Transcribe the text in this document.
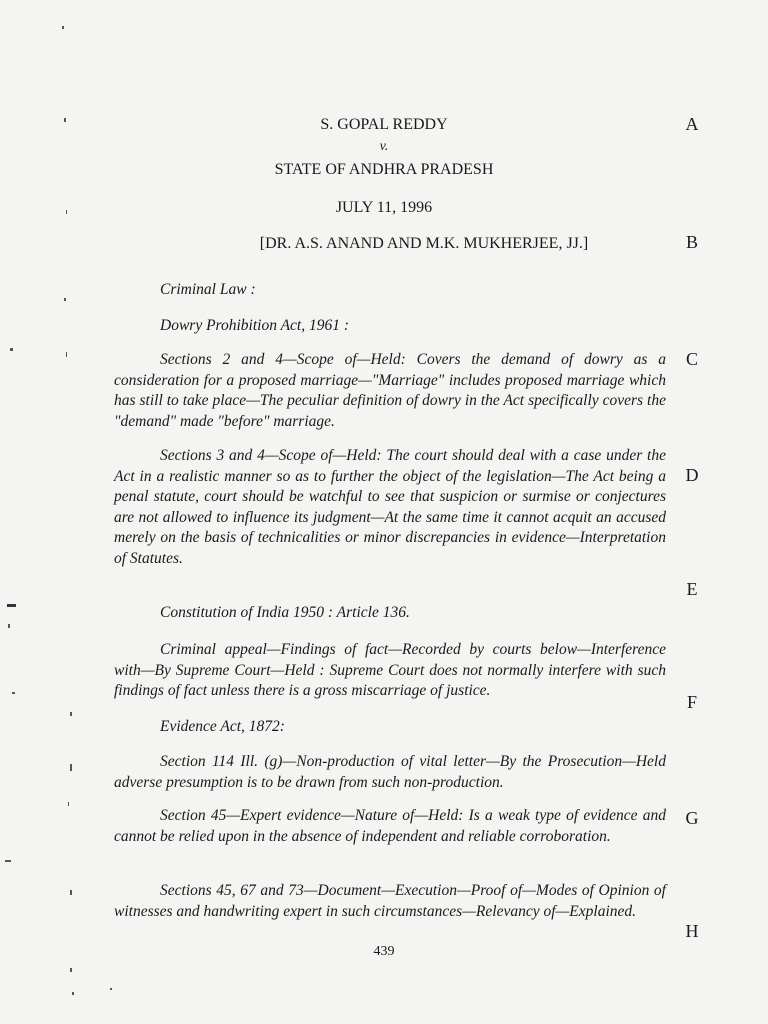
S. GOPAL REDDY
v.
STATE OF ANDHRA PRADESH
JULY 11, 1996
[DR. A.S. ANAND AND M.K. MUKHERJEE, JJ.]
A
B
C
D
E
F
G
H
Criminal Law :
Dowry Prohibition Act, 1961 :

Sections 2 and 4—Scope of—Held: Covers the demand of dowry as a consideration for a proposed marriage—"Marriage" includes proposed marriage which has still to take place—The peculiar definition of dowry in the Act specifically covers the "demand" made "before" marriage.

Sections 3 and 4—Scope of—Held: The court should deal with a case under the Act in a realistic manner so as to further the object of the legislation—The Act being a penal statute, court should be watchful to see that suspicion or surmise or conjectures are not allowed to influence its judgment—At the same time it cannot acquit an accused merely on the basis of technicalities or minor discrepancies in evidence—Interpretation of Statutes.

Constitution of India 1950 : Article 136.

Criminal appeal—Findings of fact—Recorded by courts below—Interference with—By Supreme Court—Held : Supreme Court does not normally interfere with such findings of fact unless there is a gross miscarriage of justice.

Evidence Act, 1872:

Section 114 Ill. (g)—Non-production of vital letter—By the Prosecution—Held adverse presumption is to be drawn from such non-production.

Section 45—Expert evidence—Nature of—Held: Is a weak type of evidence and cannot be relied upon in the absence of independent and reliable corroboration.

Sections 45, 67 and 73—Document—Execution—Proof of—Modes of Opinion of witnesses and handwriting expert in such circumstances—Relevancy of—Explained.

439
